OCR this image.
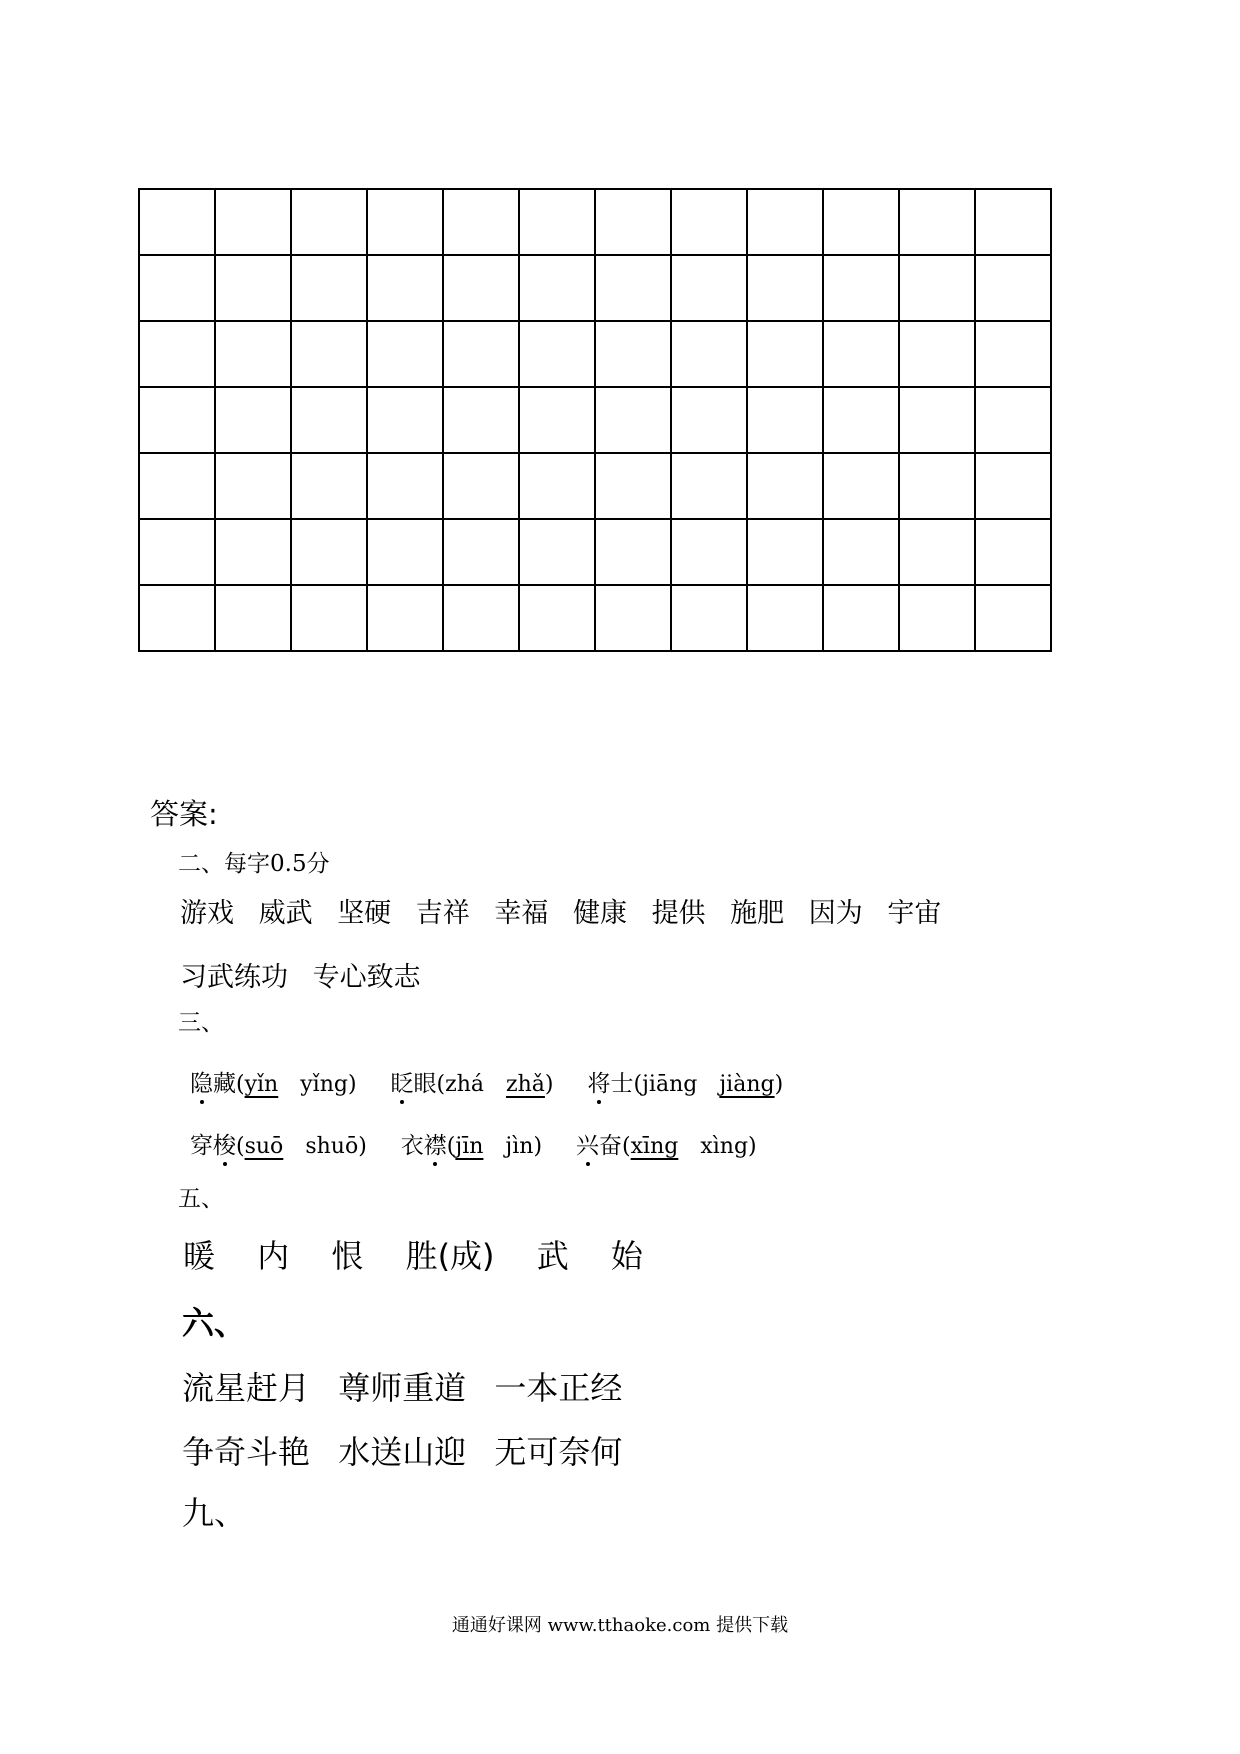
答案:
二、每字0.5分
游戏 威武 坚硬 吉祥 幸福 健康 提供 施肥 因为 宇宙
习武练功 专心致志
三、
隐藏(yǐn yǐng) 眨眼(zhá zhǎ) 将士(jiāng jiàng)
穿梭(suō shuō) 衣襟(jīn jìn) 兴奋(xīng xìng)
五、
暖 内 恨 胜(成) 武 始
六、
流星赶月 尊师重道 一本正经
争奇斗艳 水送山迎 无可奈何
九、
通通好课网 www.tthaoke.com 提供下载
